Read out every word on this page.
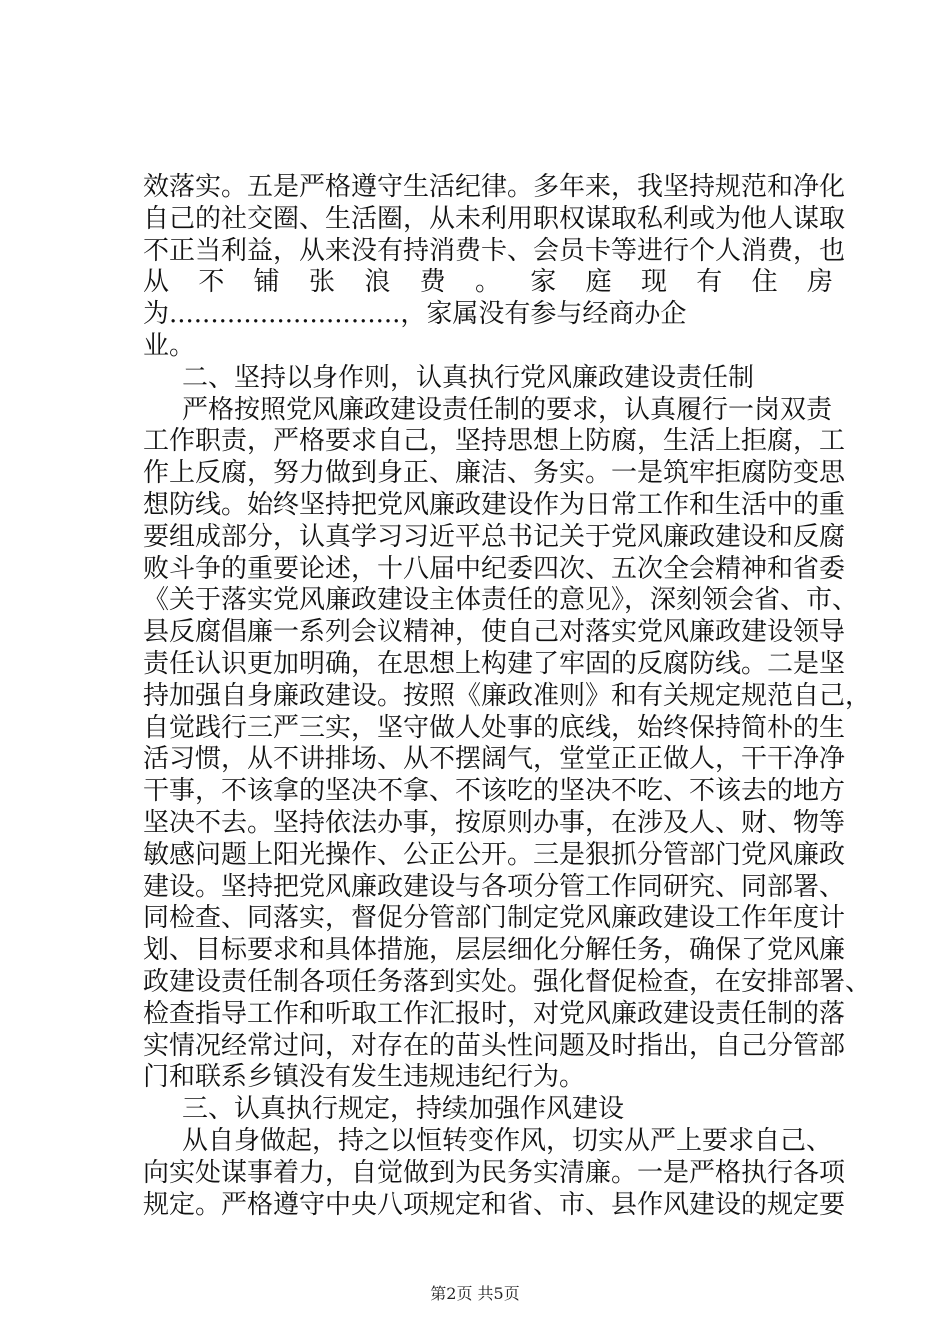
效落实。五是严格遵守生活纪律。多年来，我坚持规范和净化
自己的社交圈、生活圈，从未利用职权谋取私利或为他人谋取
不正当利益，从来没有持消费卡、会员卡等进行个人消费，也
从 不 铺 张 浪 费 。 家 庭 现 有 住 房
为............................，家属没有参与经商办企
业。
二、坚持以身作则，认真执行党风廉政建设责任制
严格按照党风廉政建设责任制的要求，认真履行一岗双责
工作职责，严格要求自己，坚持思想上防腐，生活上拒腐，工
作上反腐，努力做到身正、廉洁、务实。一是筑牢拒腐防变思
想防线。始终坚持把党风廉政建设作为日常工作和生活中的重
要组成部分，认真学习习近平总书记关于党风廉政建设和反腐
败斗争的重要论述，十八届中纪委四次、五次全会精神和省委
《关于落实党风廉政建设主体责任的意见》，深刻领会省、市、
县反腐倡廉一系列会议精神，使自己对落实党风廉政建设领导
责任认识更加明确，在思想上构建了牢固的反腐防线。二是坚
持加强自身廉政建设。按照《廉政准则》和有关规定规范自己，
自觉践行三严三实，坚守做人处事的底线，始终保持简朴的生
活习惯，从不讲排场、从不摆阔气，堂堂正正做人，干干净净
干事，不该拿的坚决不拿、不该吃的坚决不吃、不该去的地方
坚决不去。坚持依法办事，按原则办事，在涉及人、财、物等
敏感问题上阳光操作、公正公开。三是狠抓分管部门党风廉政
建设。坚持把党风廉政建设与各项分管工作同研究、同部署、
同检查、同落实，督促分管部门制定党风廉政建设工作年度计
划、目标要求和具体措施，层层细化分解任务，确保了党风廉
政建设责任制各项任务落到实处。强化督促检查，在安排部署、
检查指导工作和听取工作汇报时，对党风廉政建设责任制的落
实情况经常过问，对存在的苗头性问题及时指出，自己分管部
门和联系乡镇没有发生违规违纪行为。
三、认真执行规定，持续加强作风建设
从自身做起，持之以恒转变作风，切实从严上要求自己、
向实处谋事着力，自觉做到为民务实清廉。一是严格执行各项
规定。严格遵守中央八项规定和省、市、县作风建设的规定要
第2页 共5页
